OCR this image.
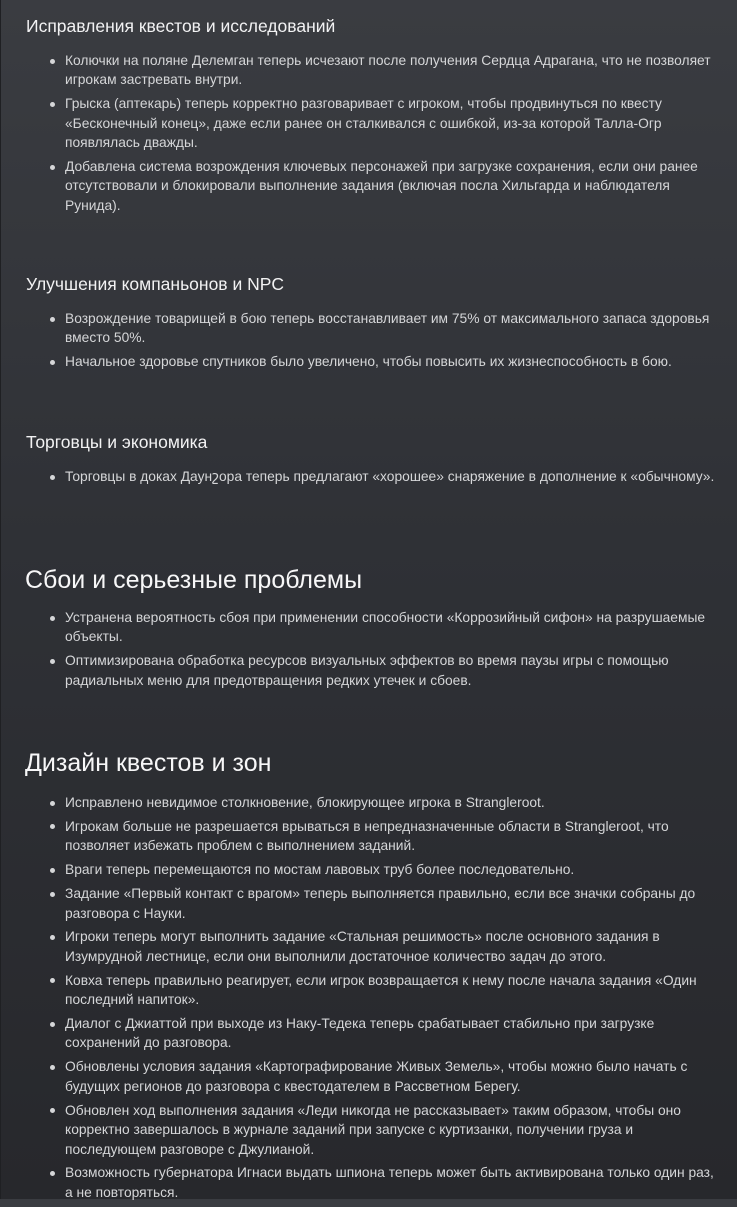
Исправления квестов и исследований
Колючки на поляне Делемган теперь исчезают после получения Сердца Адрагана, что не позволяет игрокам застревать внутри.
Грыска (аптекарь) теперь корректно разговаривает с игроком, чтобы продвинуться по квесту «Бесконечный конец», даже если ранее он сталкивался с ошибкой, из-за которой Талла-Огр появлялась дважды.
Добавлена система возрождения ключевых персонажей при загрузке сохранения, если они ранее отсутствовали и блокировали выполнение задания (включая посла Хильгарда и наблюдателя Рунида).
Улучшения компаньонов и NPC
Возрождение товарищей в бою теперь восстанавливает им 75% от максимального запаса здоровья вместо 50%.
Начальное здоровье спутников было увеличено, чтобы повысить их жизнеспособность в бою.
Торговцы и экономика
Торговцы в доках Даунշора теперь предлагают «хорошее» снаряжение в дополнение к «обычному».
Сбои и серьезные проблемы
Устранена вероятность сбоя при применении способности «Коррозийный сифон» на разрушаемые объекты.
Оптимизирована обработка ресурсов визуальных эффектов во время паузы игры с помощью радиальных меню для предотвращения редких утечек и сбоев.
Дизайн квестов и зон
Исправлено невидимое столкновение, блокирующее игрока в Strangleroot.
Игрокам больше не разрешается врываться в непредназначенные области в Strangleroot, что позволяет избежать проблем с выполнением заданий.
Враги теперь перемещаются по мостам лавовых труб более последовательно.
Задание «Первый контакт с врагом» теперь выполняется правильно, если все значки собраны до разговора с Науки.
Игроки теперь могут выполнить задание «Стальная решимость» после основного задания в Изумрудной лестнице, если они выполнили достаточное количество задач до этого.
Ковха теперь правильно реагирует, если игрок возвращается к нему после начала задания «Один последний напиток».
Диалог с Джиаттой при выходе из Наку-Тедека теперь срабатывает стабильно при загрузке сохранений до разговора.
Обновлены условия задания «Картографирование Живых Земель», чтобы можно было начать с будущих регионов до разговора с квестодателем в Рассветном Берегу.
Обновлен ход выполнения задания «Леди никогда не рассказывает» таким образом, чтобы оно корректно завершалось в журнале заданий при запуске с куртизанки, получении груза и последующем разговоре с Джулианой.
Возможность губернатора Игнаси выдать шпиона теперь может быть активирована только один раз, а не повторяться.
